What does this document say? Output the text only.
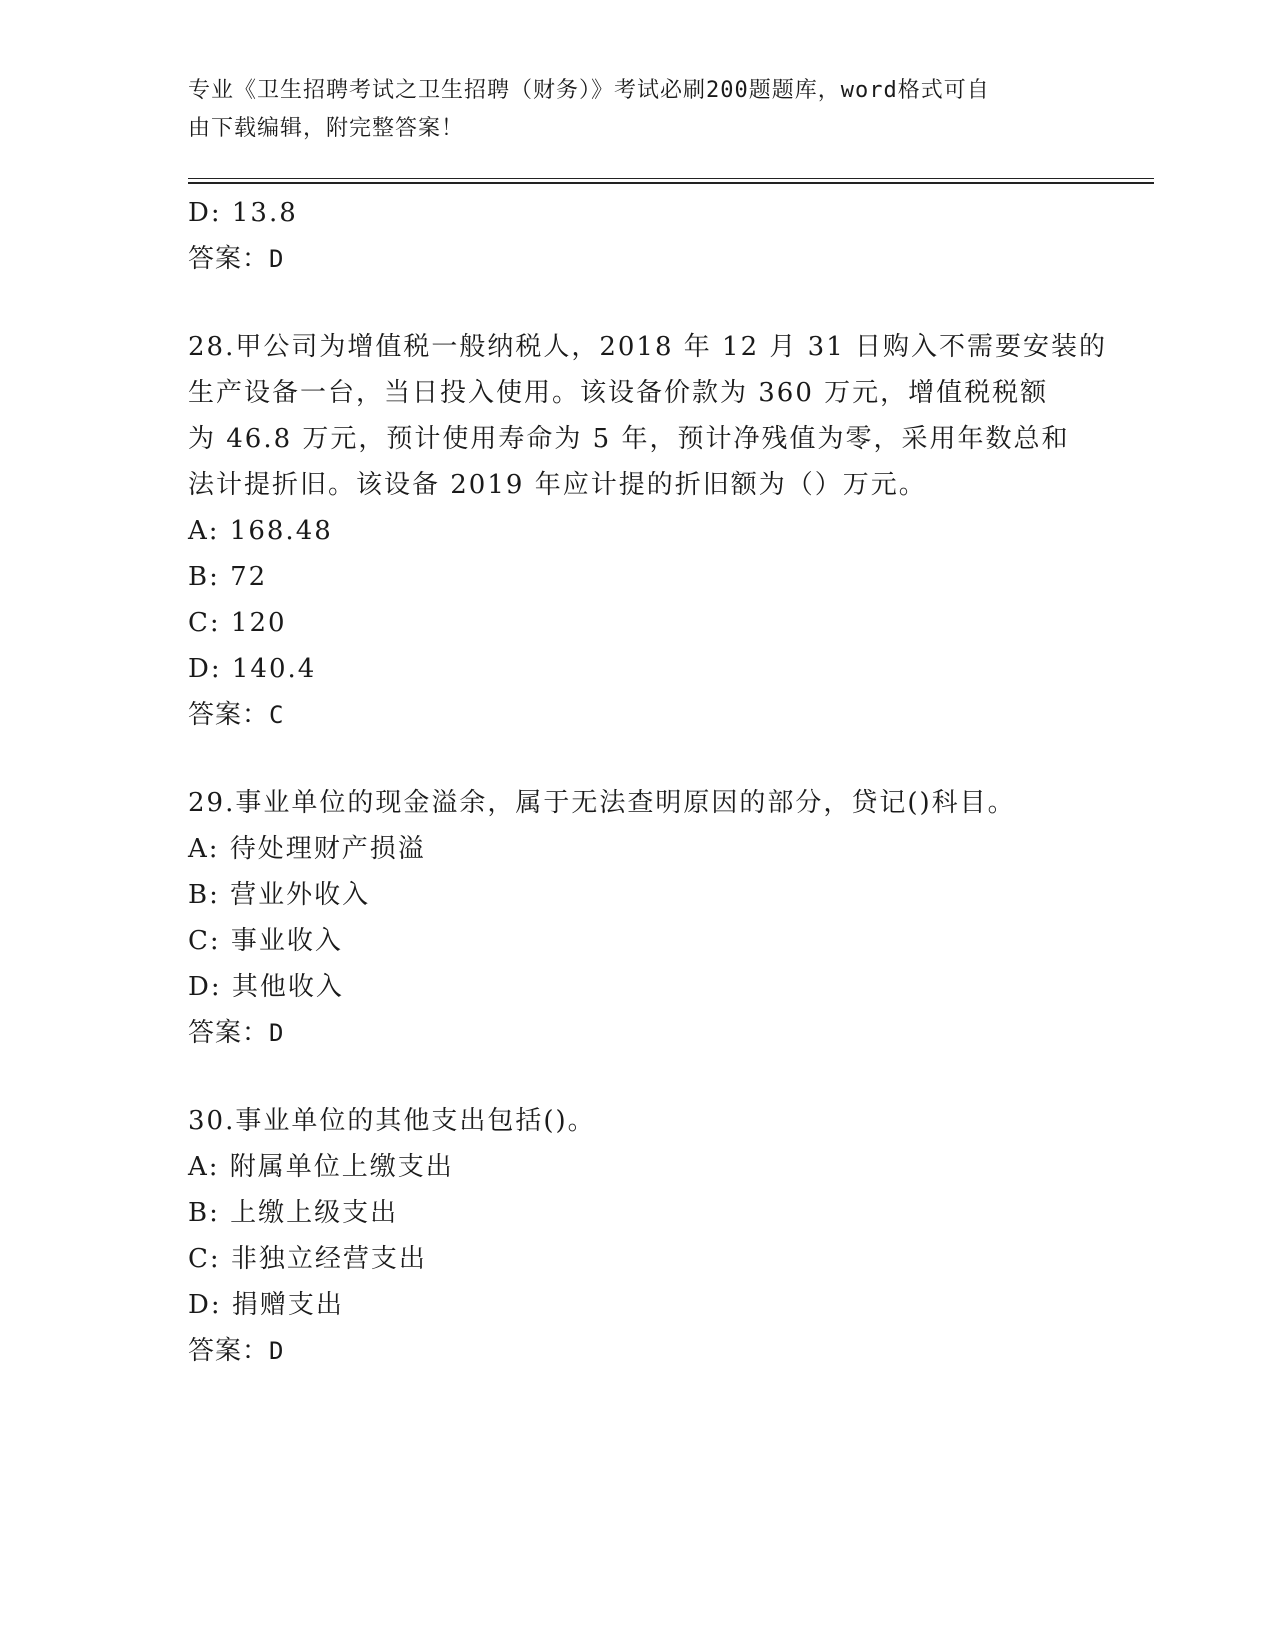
专业《卫生招聘考试之卫生招聘（财务）》考试必刷200题题库，word格式可自
由下载编辑，附完整答案！
D: 13.8
答案：D
28.甲公司为增值税一般纳税人，2018 年 12 月 31 日购入不需要安装的
生产设备一台，当日投入使用。该设备价款为 360 万元，增值税税额
为 46.8 万元，预计使用寿命为 5 年，预计净残值为零，采用年数总和
法计提折旧。该设备 2019 年应计提的折旧额为（）万元。
A: 168.48
B: 72
C: 120
D: 140.4
答案：C
29.事业单位的现金溢余，属于无法查明原因的部分，贷记()科目。
A: 待处理财产损溢
B: 营业外收入
C: 事业收入
D: 其他收入
答案：D
30.事业单位的其他支出包括()。
A: 附属单位上缴支出
B: 上缴上级支出
C: 非独立经营支出
D: 捐赠支出
答案：D
